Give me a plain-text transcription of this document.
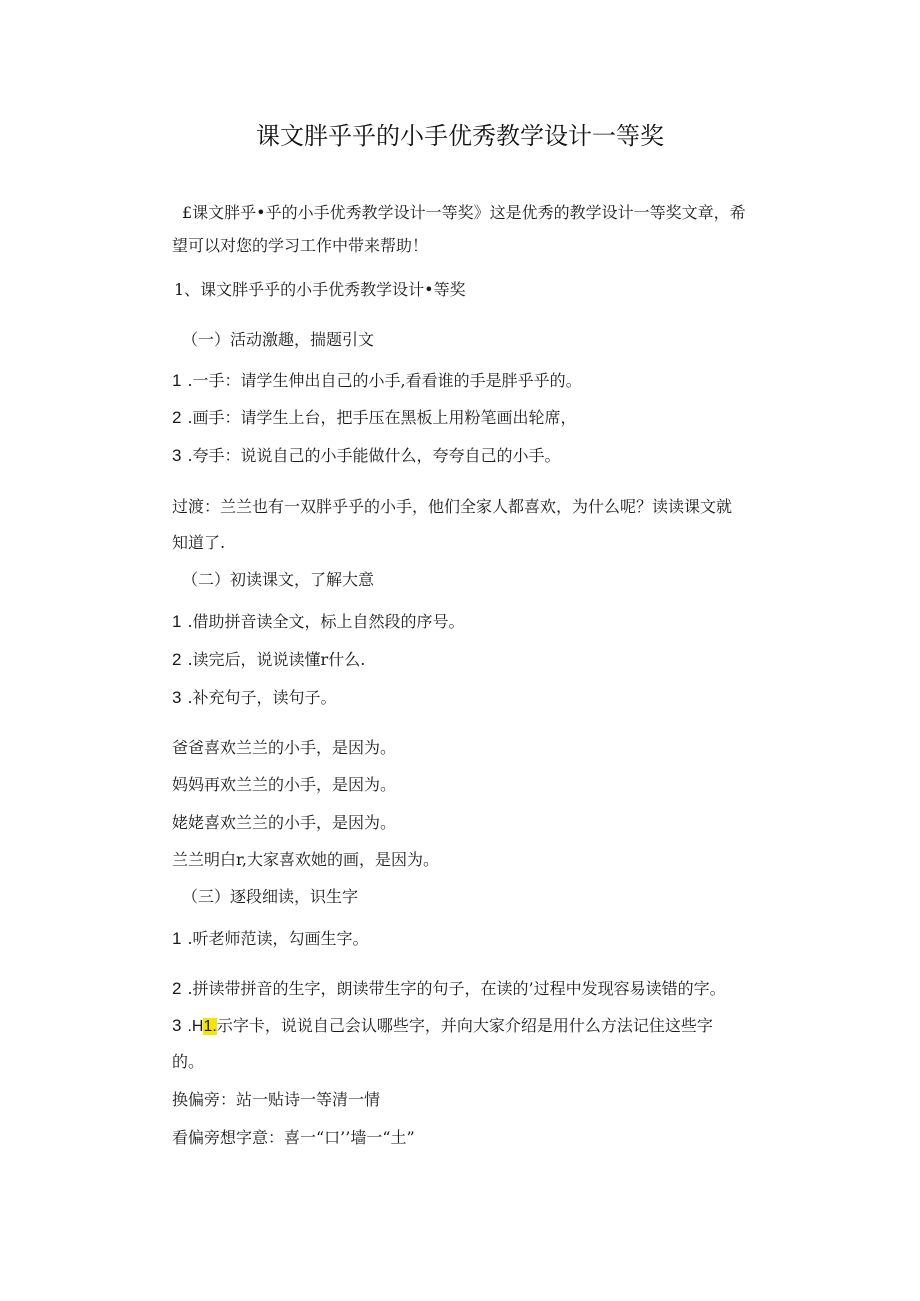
课文胖乎乎的小手优秀教学设计一等奖
£课文胖乎•乎的小手优秀教学设计一等奖》这是优秀的教学设计一等奖文章，希
望可以对您的学习工作中带来帮助！
1、课文胖乎乎的小手优秀教学设计•等奖
（一）活动激趣，揣题引文
1 .一手：请学生伸出自己的小手,看看谁的手是胖乎乎的。
2 .画手：请学生上台，把手压在黑板上用粉笔画出轮席，
3 .夸手：说说自己的小手能做什么，夸夸自己的小手。
过渡：兰兰也有一双胖乎乎的小手，他们全家人都喜欢，为什么呢？读读课文就
知道了.
（二）初读课文，了解大意
1 .借助拼音读全文，标上自然段的序号。
2 .读完后，说说读懂r什么.
3 .补充句子，读句子。
爸爸喜欢兰兰的小手，是因为。
妈妈再欢兰兰的小手，是因为。
姥姥喜欢兰兰的小手，是因为。
兰兰明白r,大家喜欢她的画，是因为。
（三）逐段细读，识生字
1 .听老师范读，勾画生字。
2 .拼读带拼音的生字，朗读带生字的句子，在读的’过程中发现容易读错的字。
3 .H1.示字卡，说说自己会认哪些字，并向大家介绍是用什么方法记住这些字
的。
换偏旁：站一贴诗一等清一情
看偏旁想字意：喜一“口’’墙一“土”
